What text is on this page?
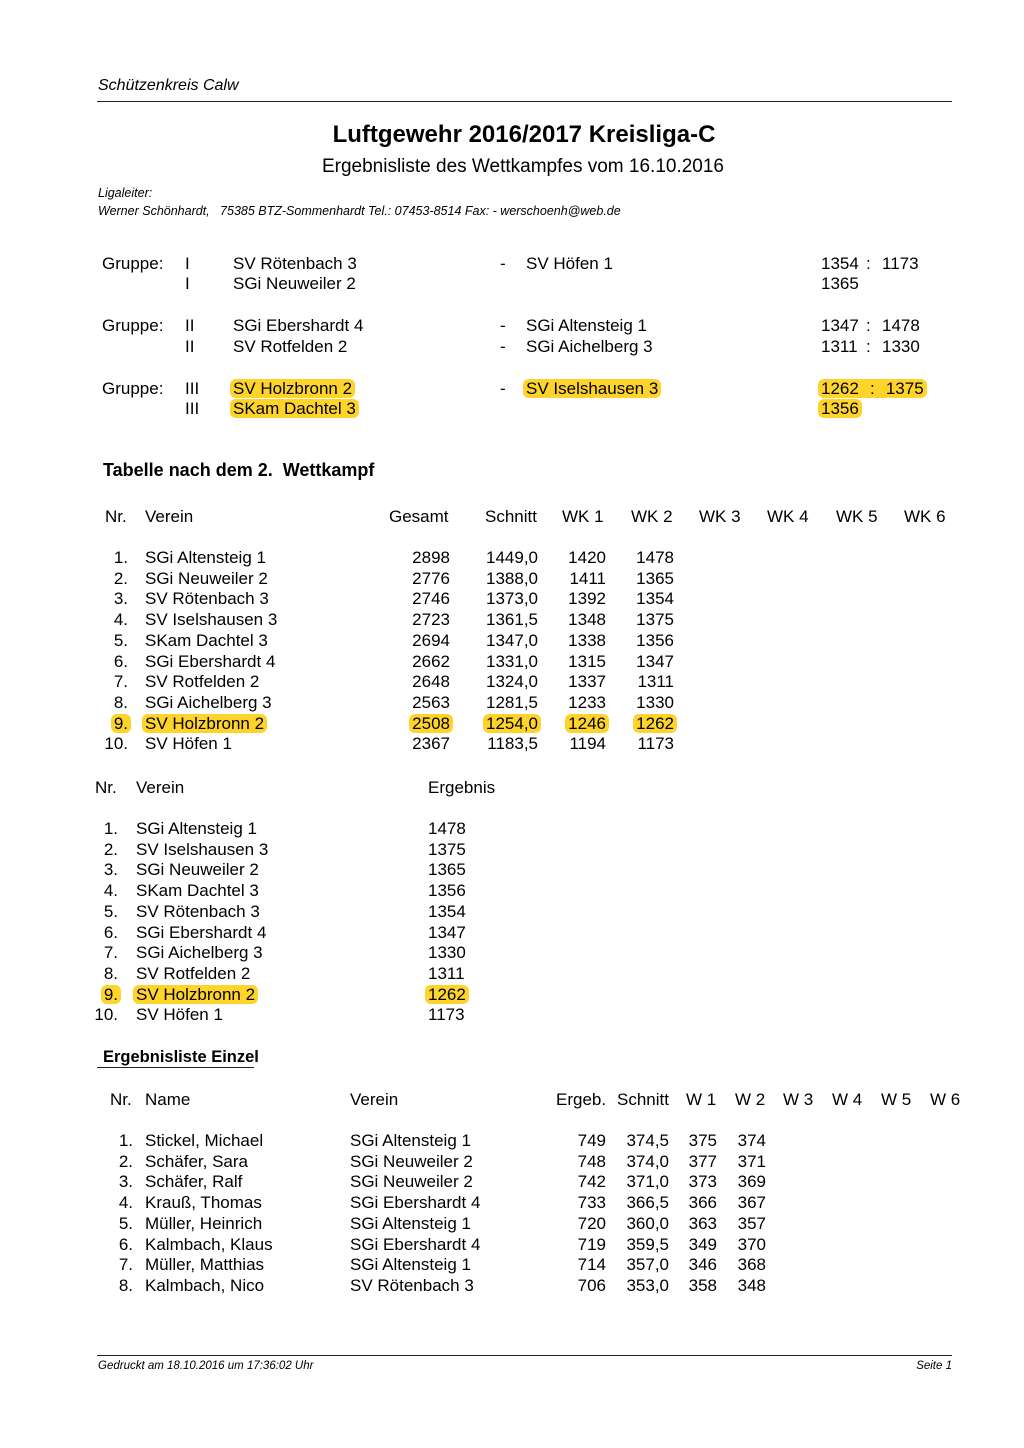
Schützenkreis Calw
Luftgewehr 2016/2017 Kreisliga-C
Ergebnisliste des Wettkampfes vom 16.10.2016
Ligaleiter:
Werner Schönhardt,   75385 BTZ-Sommenhardt Tel.: 07453-8514 Fax: - werschoenh@web.de
Gruppe: I	SV Rötenbach 3	- SV Höfen 1	1354 : 1173
I	SGi Neuweiler 2	1365
Gruppe: II SGi Ebershardt 4	- SGi Altensteig 1	1347 : 1478
II SV Rotfelden 2	- SGi Aichelberg 3	1311 : 1330
Gruppe: III SV Holzbronn 2	- SV Iselshausen 3	1262 : 1375
III SKam Dachtel 3	1356
Tabelle nach dem 2.  Wettkampf
Nr. Verein	Gesamt Schnitt WK 1 WK 2 WK 3 WK 4 WK 5 WK 6
1. SGi Altensteig 1	2898	1449,0	1420	1478
2. SGi Neuweiler 2	2776	1388,0	1411	1365
3. SV Rötenbach 3	2746	1373,0	1392	1354
4. SV Iselshausen 3	2723	1361,5	1348	1375
5. SKam Dachtel 3	2694	1347,0	1338	1356
6. SGi Ebershardt 4	2662	1331,0	1315	1347
7. SV Rotfelden 2	2648	1324,0	1337	1311
8. SGi Aichelberg 3	2563	1281,5	1233	1330
9. SV Holzbronn 2	2508	1254,0	1246	1262
10. SV Höfen 1	2367	1183,5	1194	1173
Nr. Verein	Ergebnis
1. SGi Altensteig 1	1478
2. SV Iselshausen 3	1375
3. SGi Neuweiler 2	1365
4. SKam Dachtel 3	1356
5. SV Rötenbach 3	1354
6. SGi Ebershardt 4	1347
7. SGi Aichelberg 3	1330
8. SV Rotfelden 2	1311
9. SV Holzbronn 2	1262
10. SV Höfen 1	1173
Ergebnisliste Einzel
Nr. Name	Verein	Ergeb. Schnitt W 1 W 2 W 3 W 4 W 5 W 6
1. Stickel, Michael	SGi Altensteig 1	749	374,5	375	374
2. Schäfer, Sara	SGi Neuweiler 2	748	374,0	377	371
3. Schäfer, Ralf	SGi Neuweiler 2	742	371,0	373	369
4. Krauß, Thomas	SGi Ebershardt 4	733	366,5	366	367
5. Müller, Heinrich	SGi Altensteig 1	720	360,0	363	357
6. Kalmbach, Klaus	SGi Ebershardt 4	719	359,5	349	370
7. Müller, Matthias	SGi Altensteig 1	714	357,0	346	368
8. Kalmbach, Nico	SV Rötenbach 3	706	353,0	358	348
Gedruckt am 18.10.2016 um 17:36:02 Uhr	Seite 1
